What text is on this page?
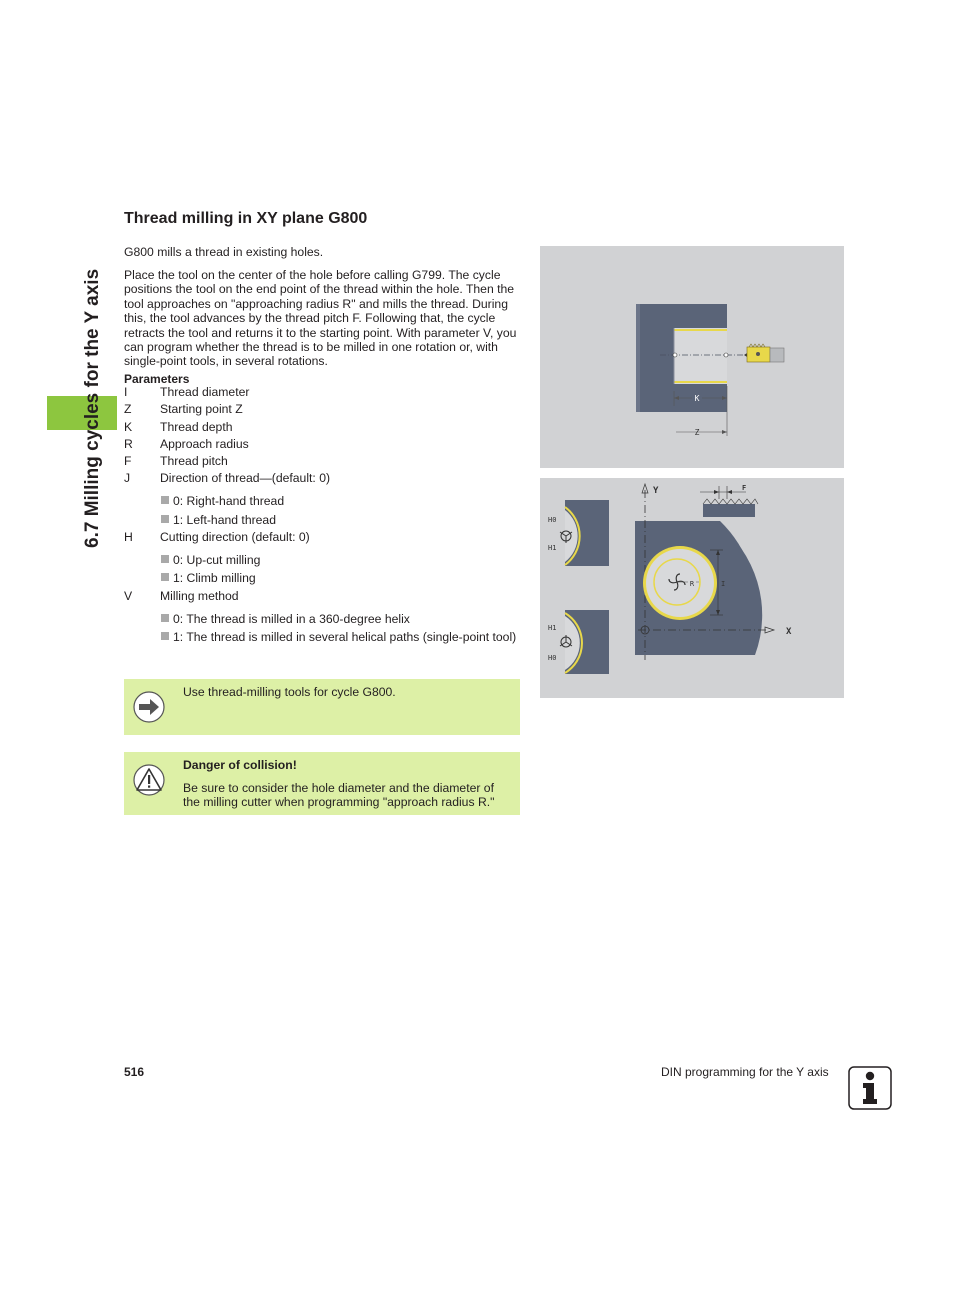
6.7 Milling cycles for the Y axis
Thread milling in XY plane G800

G800 mills a thread in existing holes.

Place the tool on the center of the hole before calling G799. The cycle positions the tool on the end point of the thread within the hole. Then the tool approaches on "approaching radius R" and mills the thread. During this, the tool advances by the thread pitch F. Following that, the cycle retracts the tool and returns it to the starting point. With parameter V, you can program whether the thread is to be milled in one rotation or, with single-point tools, in several rotations.

Parameters
I	Thread diameter
Z Starting point Z
K Thread depth
R Approach radius
F Thread pitch
J Direction of thread—(default: 0)
0: Right-hand thread
1: Left-hand thread
H Cutting direction (default: 0)
0: Up-cut milling
1: Climb milling
V Milling method
0: The thread is milled in a 360-degree helix
1: The thread is milled in several helical paths (single-point tool)
Use thread-milling tools for cycle G800.
Danger of collision!
Be sure to consider the hole diameter and the diameter of the milling cutter when programming "approach radius R."
K
Z
Y
X
R	I
F
H0
H1
H1
H0
516	DIN programming for the Y axis
